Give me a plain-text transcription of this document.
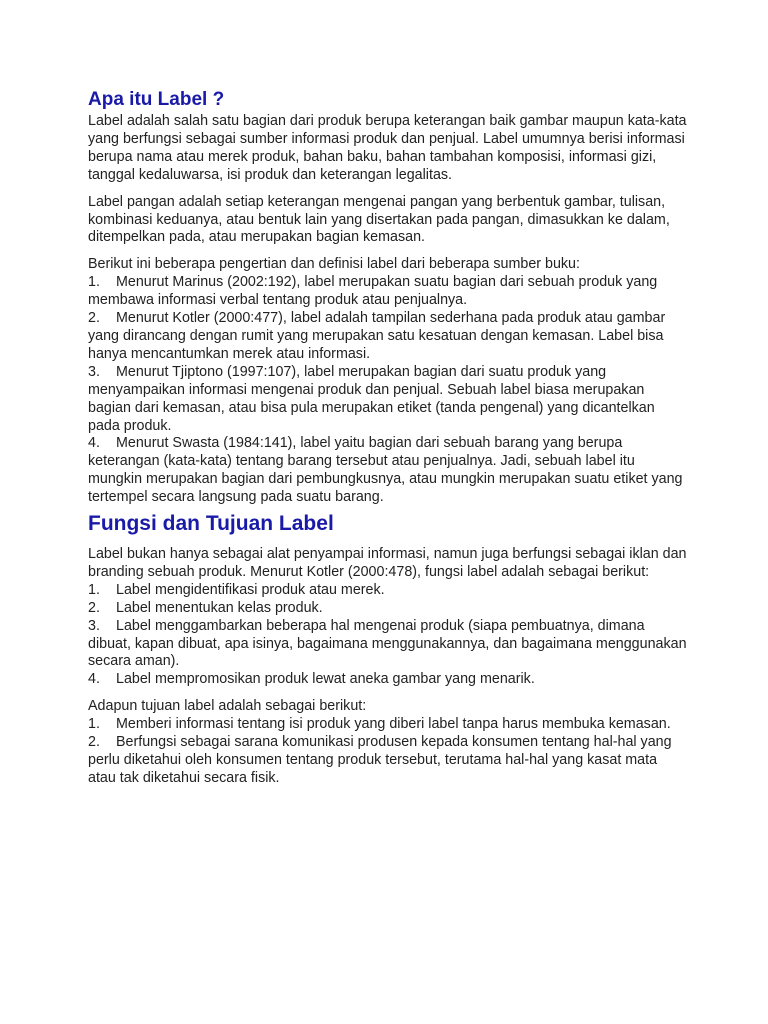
Apa itu Label ?

Label adalah salah satu bagian dari produk berupa keterangan baik gambar maupun kata-kata yang berfungsi sebagai sumber informasi produk dan penjual. Label umumnya berisi informasi berupa nama atau merek produk, bahan baku, bahan tambahan komposisi, informasi gizi, tanggal kedaluwarsa, isi produk dan keterangan legalitas.

Label pangan adalah setiap keterangan mengenai pangan yang berbentuk gambar, tulisan, kombinasi keduanya, atau bentuk lain yang disertakan pada pangan, dimasukkan ke dalam, ditempelkan pada, atau merupakan bagian kemasan.

Berikut ini beberapa pengertian dan definisi label dari beberapa sumber buku:

1. Menurut Marinus (2002:192), label merupakan suatu bagian dari sebuah produk yang membawa informasi verbal tentang produk atau penjualnya.

2. Menurut Kotler (2000:477), label adalah tampilan sederhana pada produk atau gambar yang dirancang dengan rumit yang merupakan satu kesatuan dengan kemasan. Label bisa hanya mencantumkan merek atau informasi.

3. Menurut Tjiptono (1997:107), label merupakan bagian dari suatu produk yang menyampaikan informasi mengenai produk dan penjual. Sebuah label biasa merupakan bagian dari kemasan, atau bisa pula merupakan etiket (tanda pengenal) yang dicantelkan pada produk.

4. Menurut Swasta (1984:141), label yaitu bagian dari sebuah barang yang berupa keterangan (kata-kata) tentang barang tersebut atau penjualnya. Jadi, sebuah label itu mungkin merupakan bagian dari pembungkusnya, atau mungkin merupakan suatu etiket yang tertempel secara langsung pada suatu barang.

Fungsi dan Tujuan Label

Label bukan hanya sebagai alat penyampai informasi, namun juga berfungsi sebagai iklan dan branding sebuah produk. Menurut Kotler (2000:478), fungsi label adalah sebagai berikut:

1. Label mengidentifikasi produk atau merek.

2. Label menentukan kelas produk.

3. Label menggambarkan beberapa hal mengenai produk (siapa pembuatnya, dimana dibuat, kapan dibuat, apa isinya, bagaimana menggunakannya, dan bagaimana menggunakan secara aman).

4. Label mempromosikan produk lewat aneka gambar yang menarik.

Adapun tujuan label adalah sebagai berikut:

1. Memberi informasi tentang isi produk yang diberi label tanpa harus membuka kemasan.

2. Berfungsi sebagai sarana komunikasi produsen kepada konsumen tentang hal-hal yang perlu diketahui oleh konsumen tentang produk tersebut, terutama hal-hal yang kasat mata atau tak diketahui secara fisik.
